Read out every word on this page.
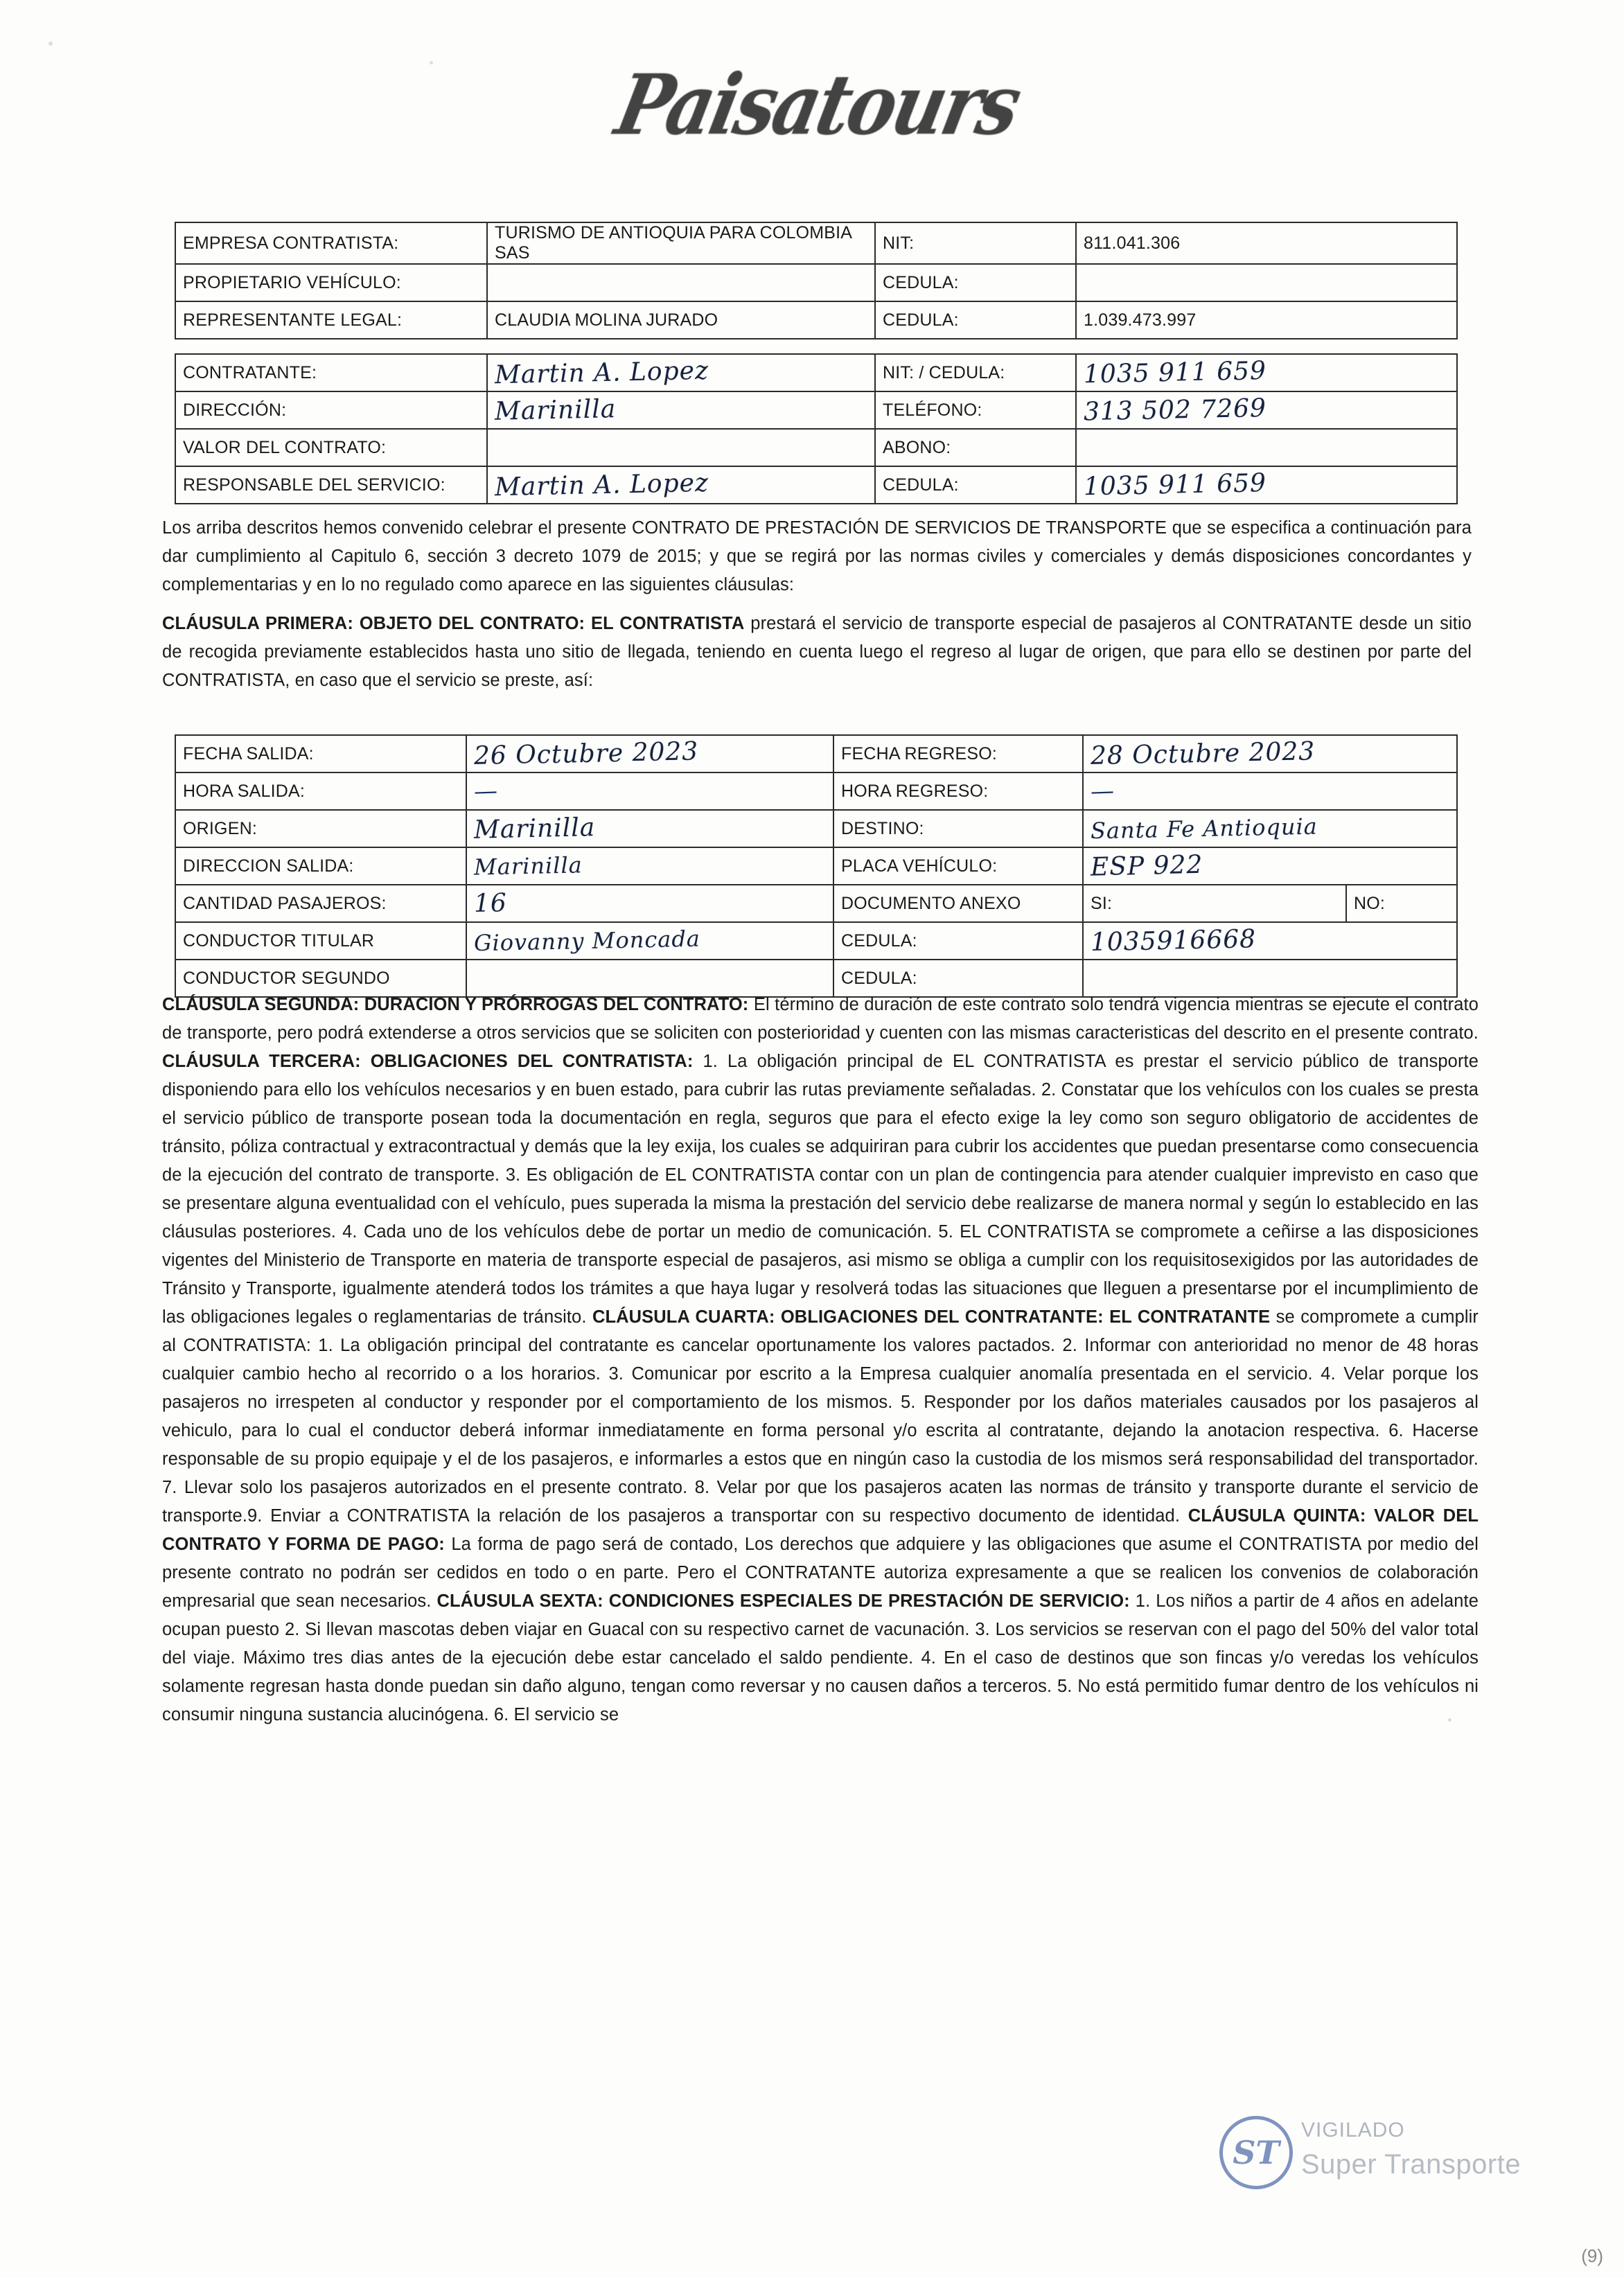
Paisatours
EMPRESA CONTRATISTA:	TURISMO DE ANTIOQUIA PARA COLOMBIA SAS	NIT:	811.041.306
PROPIETARIO VEHÍCULO:		CEDULA:	
REPRESENTANTE LEGAL:	CLAUDIA MOLINA JURADO	CEDULA:	1.039.473.997
CONTRATANTE:	Martin A. Lopez	NIT: / CEDULA:	1035 911 659
DIRECCIÓN:	Marinilla	TELÉFONO:	313 502 7269
VALOR DEL CONTRATO:		ABONO:	
RESPONSABLE DEL SERVICIO:	Martin A. Lopez	CEDULA:	1035 911 659
Los arriba descritos hemos convenido celebrar el presente CONTRATO DE PRESTACIÓN DE SERVICIOS DE TRANSPORTE que se especifica a continuación para dar cumplimiento al Capitulo 6, sección 3 decreto 1079 de 2015; y que se regirá por las normas civiles y comerciales y demás disposiciones concordantes y complementarias y en lo no regulado como aparece en las siguientes cláusulas:
CLÁUSULA PRIMERA: OBJETO DEL CONTRATO: EL CONTRATISTA prestará el servicio de transporte especial de pasajeros al CONTRATANTE desde un sitio de recogida previamente establecidos hasta uno sitio de llegada, teniendo en cuenta luego el regreso al lugar de origen, que para ello se destinen por parte del CONTRATISTA, en caso que el servicio se preste, así:
FECHA SALIDA:	26 Octubre 2023	FECHA REGRESO:	28 Octubre 2023	
HORA SALIDA:	—	HORA REGRESO:	—	
ORIGEN:	Marinilla	DESTINO:	Santa Fe Antioquia	
DIRECCION SALIDA:	Marinilla	PLACA VEHÍCULO:	ESP 922	
CANTIDAD PASAJEROS:	16	DOCUMENTO ANEXO	SI:	NO:
CONDUCTOR TITULAR	Giovanny Moncada	CEDULA:	1035916668	
CONDUCTOR SEGUNDO		CEDULA:		
CLÁUSULA SEGUNDA: DURACION Y PRÓRROGAS DEL CONTRATO: El término de duración de este contrato solo tendrá vigencia mientras se ejecute el contrato de transporte, pero podrá extenderse a otros servicios que se soliciten con posterioridad y cuenten con las mismas caracteristicas del descrito en el presente contrato. CLÁUSULA TERCERA: OBLIGACIONES DEL CONTRATISTA: 1. La obligación principal de EL CONTRATISTA es prestar el servicio público de transporte disponiendo para ello los vehículos necesarios y en buen estado, para cubrir las rutas previamente señaladas. 2. Constatar que los vehículos con los cuales se presta el servicio público de transporte posean toda la documentación en regla, seguros que para el efecto exige la ley como son seguro obligatorio de accidentes de tránsito, póliza contractual y extracontractual y demás que la ley exija, los cuales se adquiriran para cubrir los accidentes que puedan presentarse como consecuencia de la ejecución del contrato de transporte. 3. Es obligación de EL CONTRATISTA contar con un plan de contingencia para atender cualquier imprevisto en caso que se presentare alguna eventualidad con el vehículo, pues superada la misma la prestación del servicio debe realizarse de manera normal y según lo establecido en las cláusulas posteriores. 4. Cada uno de los vehículos debe de portar un medio de comunicación. 5. EL CONTRATISTA se compromete a ceñirse a las disposiciones vigentes del Ministerio de Transporte en materia de transporte especial de pasajeros, asi mismo se obliga a cumplir con los requisitosexigidos por las autoridades de Tránsito y Transporte, igualmente atenderá todos los trámites a que haya lugar y resolverá todas las situaciones que lleguen a presentarse por el incumplimiento de las obligaciones legales o reglamentarias de tránsito. CLÁUSULA CUARTA: OBLIGACIONES DEL CONTRATANTE: EL CONTRATANTE se compromete a cumplir al CONTRATISTA: 1. La obligación principal del contratante es cancelar oportunamente los valores pactados. 2. Informar con anterioridad no menor de 48 horas cualquier cambio hecho al recorrido o a los horarios. 3. Comunicar por escrito a la Empresa cualquier anomalía presentada en el servicio. 4. Velar porque los pasajeros no irrespeten al conductor y responder por el comportamiento de los mismos. 5. Responder por los daños materiales causados por los pasajeros al vehiculo, para lo cual el conductor deberá informar inmediatamente en forma personal y/o escrita al contratante, dejando la anotacion respectiva. 6. Hacerse responsable de su propio equipaje y el de los pasajeros, e informarles a estos que en ningún caso la custodia de los mismos será responsabilidad del transportador. 7. Llevar solo los pasajeros autorizados en el presente contrato. 8. Velar por que los pasajeros acaten las normas de tránsito y transporte durante el servicio de transporte.9. Enviar a CONTRATISTA la relación de los pasajeros a transportar con su respectivo documento de identidad. CLÁUSULA QUINTA: VALOR DEL CONTRATO Y FORMA DE PAGO: La forma de pago será de contado, Los derechos que adquiere y las obligaciones que asume el CONTRATISTA por medio del presente contrato no podrán ser cedidos en todo o en parte. Pero el CONTRATANTE autoriza expresamente a que se realicen los convenios de colaboración empresarial que sean necesarios. CLÁUSULA SEXTA: CONDICIONES ESPECIALES DE PRESTACIÓN DE SERVICIO: 1. Los niños a partir de 4 años en adelante ocupan puesto 2. Si llevan mascotas deben viajar en Guacal con su respectivo carnet de vacunación. 3. Los servicios se reservan con el pago del 50% del valor total del viaje. Máximo tres dias antes de la ejecución debe estar cancelado el saldo pendiente. 4. En el caso de destinos que son fincas y/o veredas los vehículos solamente regresan hasta donde puedan sin daño alguno, tengan como reversar y no causen daños a terceros. 5. No está permitido fumar dentro de los vehículos ni consumir ninguna sustancia alucinógena. 6. El servicio se
ST
VIGILADO
Super Transporte
(9)
